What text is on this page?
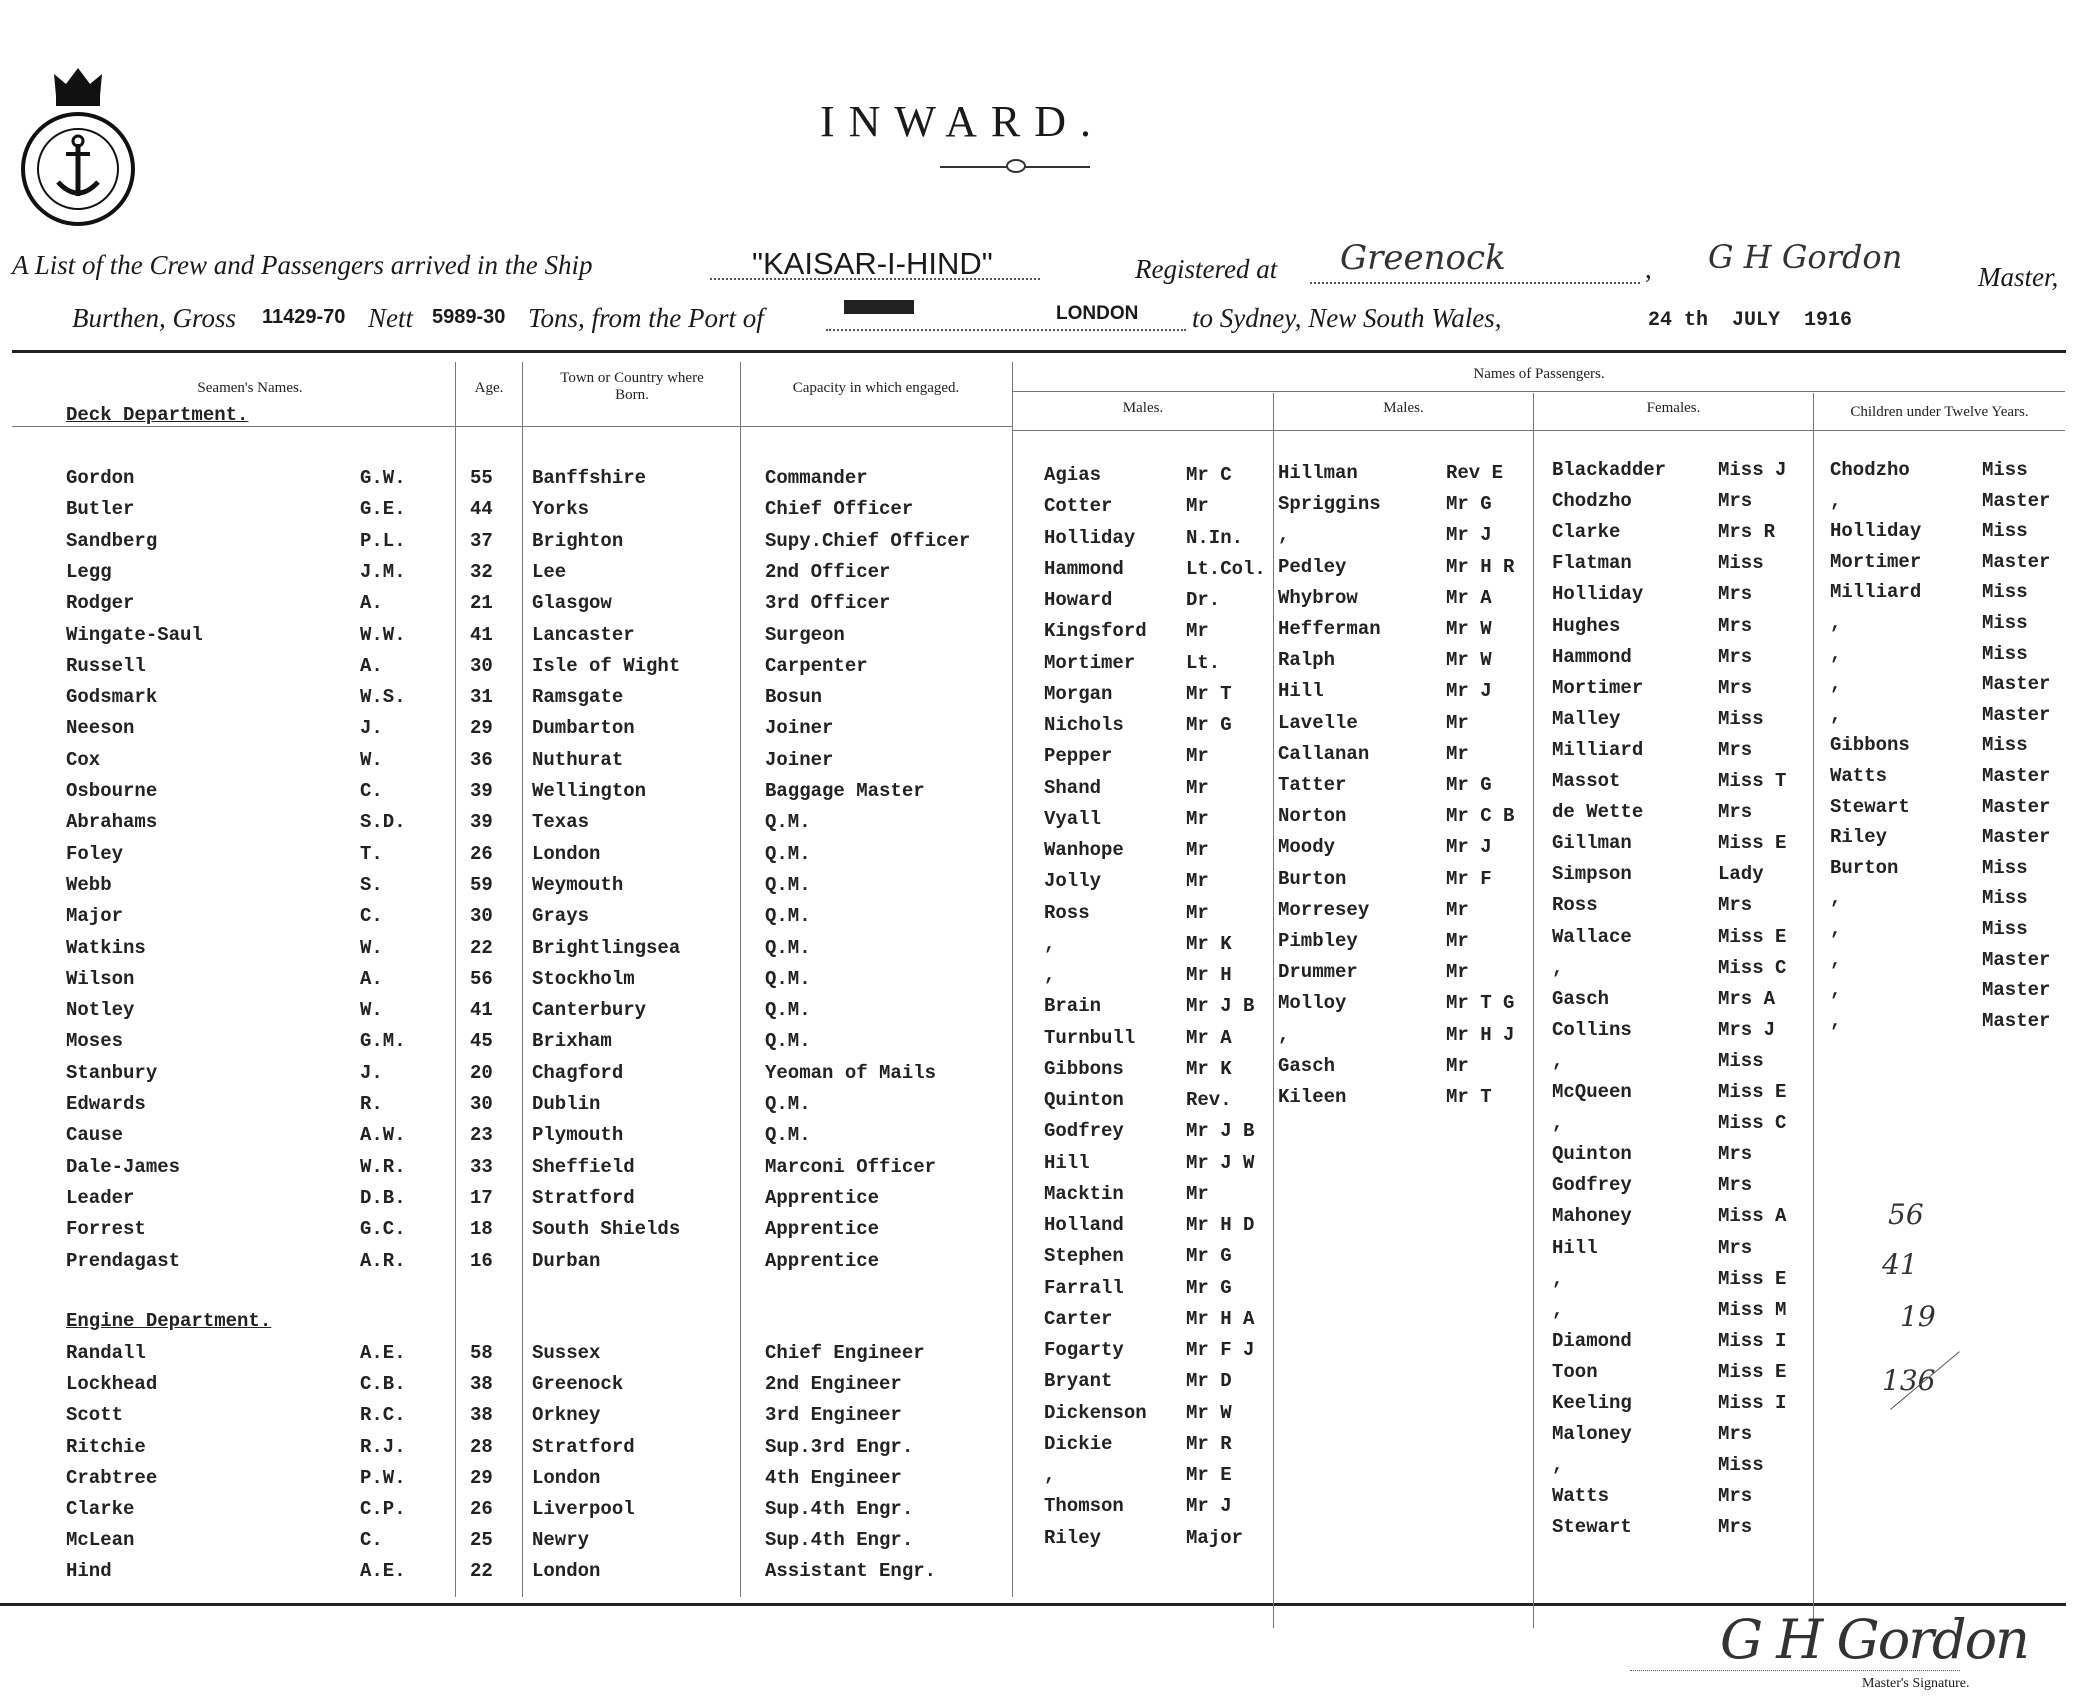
INWARD.
A List of the Crew and Passengers arrived in the Ship	"KAISAR-I-HIND"	Registered at Greenock	, G H Gordon
Master,
Burthen, Gross 11429-70 Nett 5989-30 Tons, from the Port of	LONDON to Sydney, New South Wales,	24 th  JULY  1916
Seamen's Names.	Age.
Town or Country where Born.	Capacity in which engaged.
Names of Passengers.
Males.	Males.	Females.	Children under Twelve Years.
Deck Department.
Engine Department.
Gordon	G.W.	55 Banffshire	Commander
Butler	G.E.	44 Yorks	Chief Officer
Sandberg	P.L.	37 Brighton	Supy.Chief Officer
Legg	J.M.	32 Lee	2nd Officer
Rodger	A.	21 Glasgow	3rd Officer
Wingate-Saul	W.W.	41 Lancaster	Surgeon
Russell	A.	30 Isle of Wight	Carpenter
Godsmark	W.S.	31 Ramsgate	Bosun
Neeson	J.	29 Dumbarton	Joiner
Cox	W.	36 Nuthurat	Joiner
Osbourne	C.	39 Wellington	Baggage Master
Abrahams	S.D.	39 Texas	Q.M.
Foley	T.	26 London	Q.M.
Webb	S.	59 Weymouth	Q.M.
Major	C.	30 Grays	Q.M.
Watkins	W.	22 Brightlingsea	Q.M.
Wilson	A.	56 Stockholm	Q.M.
Notley	W.	41 Canterbury	Q.M.
Moses	G.M.	45 Brixham	Q.M.
Stanbury	J.	20 Chagford	Yeoman of Mails
Edwards	R.	30 Dublin	Q.M.
Cause	A.W.	23 Plymouth	Q.M.
Dale-James	W.R.	33 Sheffield	Marconi Officer
Leader	D.B.	17 Stratford	Apprentice
Forrest	G.C.	18 South Shields	Apprentice
Prendagast	A.R.	16 Durban	Apprentice
Randall	A.E.	58 Sussex	Chief Engineer
Lockhead	C.B.	38 Greenock	2nd Engineer
Scott	R.C.	38 Orkney	3rd Engineer
Ritchie	R.J.	28 Stratford	Sup.3rd Engr.
Crabtree	P.W.	29 London	4th Engineer
Clarke	C.P.	26 Liverpool	Sup.4th Engr.
McLean	C.	25 Newry	Sup.4th Engr.
Hind	A.E.	22 London	Assistant Engr.
Agias	Mr C
Cotter	Mr
Holliday	N.In.
Hammond	Lt.Col.
Howard	Dr.
Kingsford Mr
Mortimer	Lt.
Morgan	Mr T
Nichols	Mr G
Pepper	Mr
Shand	Mr
Vyall	Mr
Wanhope	Mr
Jolly	Mr
Ross	Mr
,	Mr K
,	Mr H
Brain	Mr J B
Turnbull	Mr A
Gibbons	Mr K
Quinton	Rev.
Godfrey	Mr J B
Hill	Mr J W
Macktin	Mr
Holland	Mr H D
Stephen	Mr G
Farrall	Mr G
Carter	Mr H A
Fogarty	Mr F J
Bryant	Mr D
Dickenson Mr W
Dickie	Mr R
,	Mr E
Thomson	Mr J
Riley	Major
Hillman	Rev E
Spriggins	Mr G
,	Mr J
Pedley	Mr H R
Whybrow	Mr A
Hefferman	Mr W
Ralph	Mr W
Hill	Mr J
Lavelle	Mr
Callanan	Mr
Tatter	Mr G
Norton	Mr C B
Moody	Mr J
Burton	Mr F
Morresey	Mr
Pimbley	Mr
Drummer	Mr
Molloy	Mr T G
,	Mr H J
Gasch	Mr
Kileen	Mr T
Blackadder	Miss J
Chodzho	Mrs
Clarke	Mrs R
Flatman	Miss
Holliday	Mrs
Hughes	Mrs
Hammond	Mrs
Mortimer	Mrs
Malley	Miss
Milliard	Mrs
Massot	Miss T
de Wette	Mrs
Gillman	Miss E
Simpson	Lady
Ross	Mrs
Wallace	Miss E
,	Miss C
Gasch	Mrs A
Collins	Mrs J
,	Miss
McQueen	Miss E
,	Miss C
Quinton	Mrs
Godfrey	Mrs
Mahoney	Miss A
Hill	Mrs
,	Miss E
,	Miss M
Diamond	Miss I
Toon	Miss E
Keeling	Miss I
Maloney	Mrs
,	Miss
Watts	Mrs
Stewart	Mrs
Chodzho	Miss
,	Master
Holliday	Miss
Mortimer	Master
Milliard	Miss
,	Miss
,	Miss
,	Master
,	Master
Gibbons	Miss
Watts	Master
Stewart	Master
Riley	Master
Burton	Miss
,	Miss
,	Miss
,	Master
,	Master
,	Master
56
41
19
136
G H Gordon
Master's Signature.
